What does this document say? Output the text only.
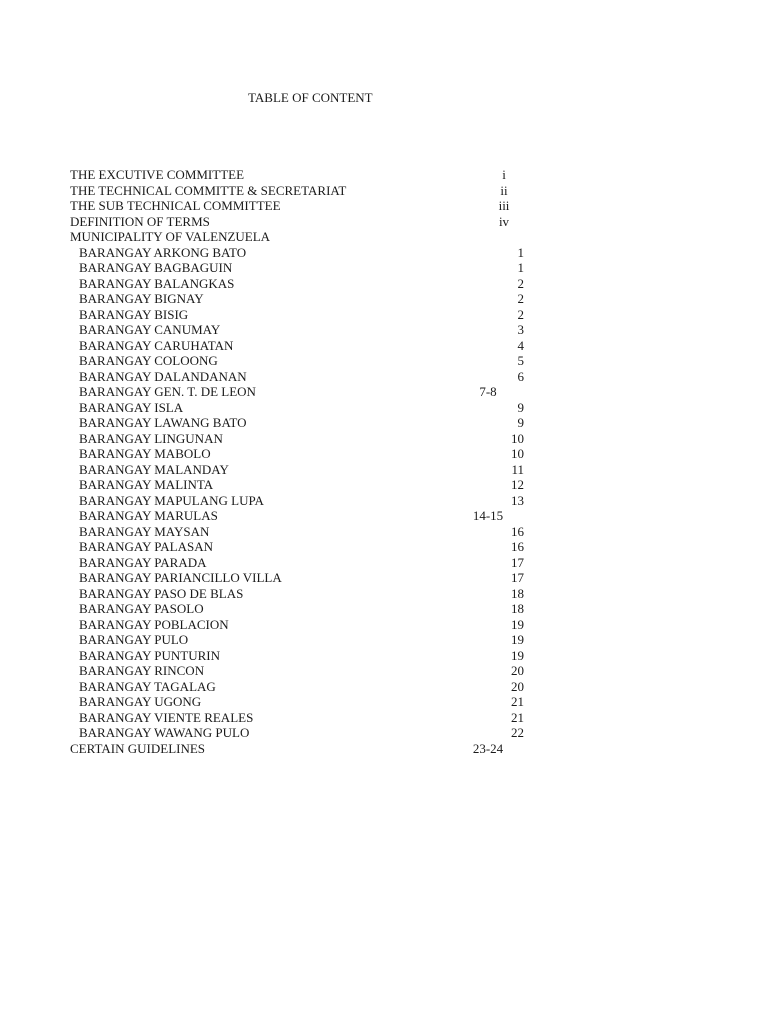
TABLE OF CONTENT
THE EXCUTIVE COMMITTEE	i
THE TECHNICAL COMMITTE & SECRETARIAT	ii
THE SUB TECHNICAL COMMITTEE	iii
DEFINITION OF TERMS	iv
MUNICIPALITY OF VALENZUELA
BARANGAY ARKONG BATO	1
BARANGAY BAGBAGUIN	1
BARANGAY BALANGKAS	2
BARANGAY BIGNAY	2
BARANGAY BISIG	2
BARANGAY CANUMAY	3
BARANGAY CARUHATAN	4
BARANGAY COLOONG	5
BARANGAY DALANDANAN	6
BARANGAY GEN. T. DE LEON	7-8
BARANGAY ISLA	9
BARANGAY LAWANG BATO	9
BARANGAY LINGUNAN	10
BARANGAY MABOLO	10
BARANGAY MALANDAY	11
BARANGAY MALINTA	12
BARANGAY MAPULANG LUPA	13
BARANGAY MARULAS	14-15
BARANGAY MAYSAN	16
BARANGAY PALASAN	16
BARANGAY PARADA	17
BARANGAY PARIANCILLO VILLA	17
BARANGAY PASO DE BLAS	18
BARANGAY PASOLO	18
BARANGAY POBLACION	19
BARANGAY PULO	19
BARANGAY PUNTURIN	19
BARANGAY RINCON	20
BARANGAY TAGALAG	20
BARANGAY UGONG	21
BARANGAY VIENTE REALES	21
BARANGAY WAWANG PULO	22
CERTAIN GUIDELINES	23-24
